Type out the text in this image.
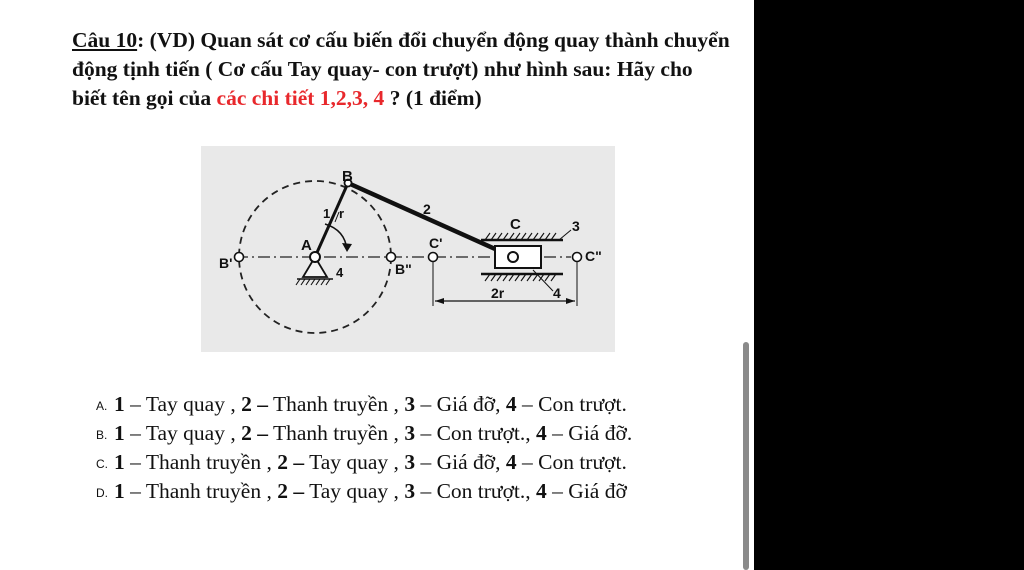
Câu 10: (VD) Quan sát cơ cấu biến đổi chuyển động quay thành chuyển động tịnh tiến ( Cơ cấu Tay quay- con trượt) như hình sau: Hãy cho biết tên gọi của các chi tiết 1,2,3, 4 ? (1 điểm)
B
A
1 r	2
C	3
4
4
C'
C"
B'	B"
2r
A. 1 – Tay quay , 2 – Thanh truyền , 3 – Giá đỡ, 4 – Con trượt.
B. 1 – Tay quay , 2 – Thanh truyền , 3 – Con trượt., 4 – Giá đỡ.
C. 1 – Thanh truyền , 2 – Tay quay , 3 – Giá đỡ, 4 – Con trượt.
D. 1 – Thanh truyền , 2 – Tay quay , 3 – Con trượt., 4 – Giá đỡ
